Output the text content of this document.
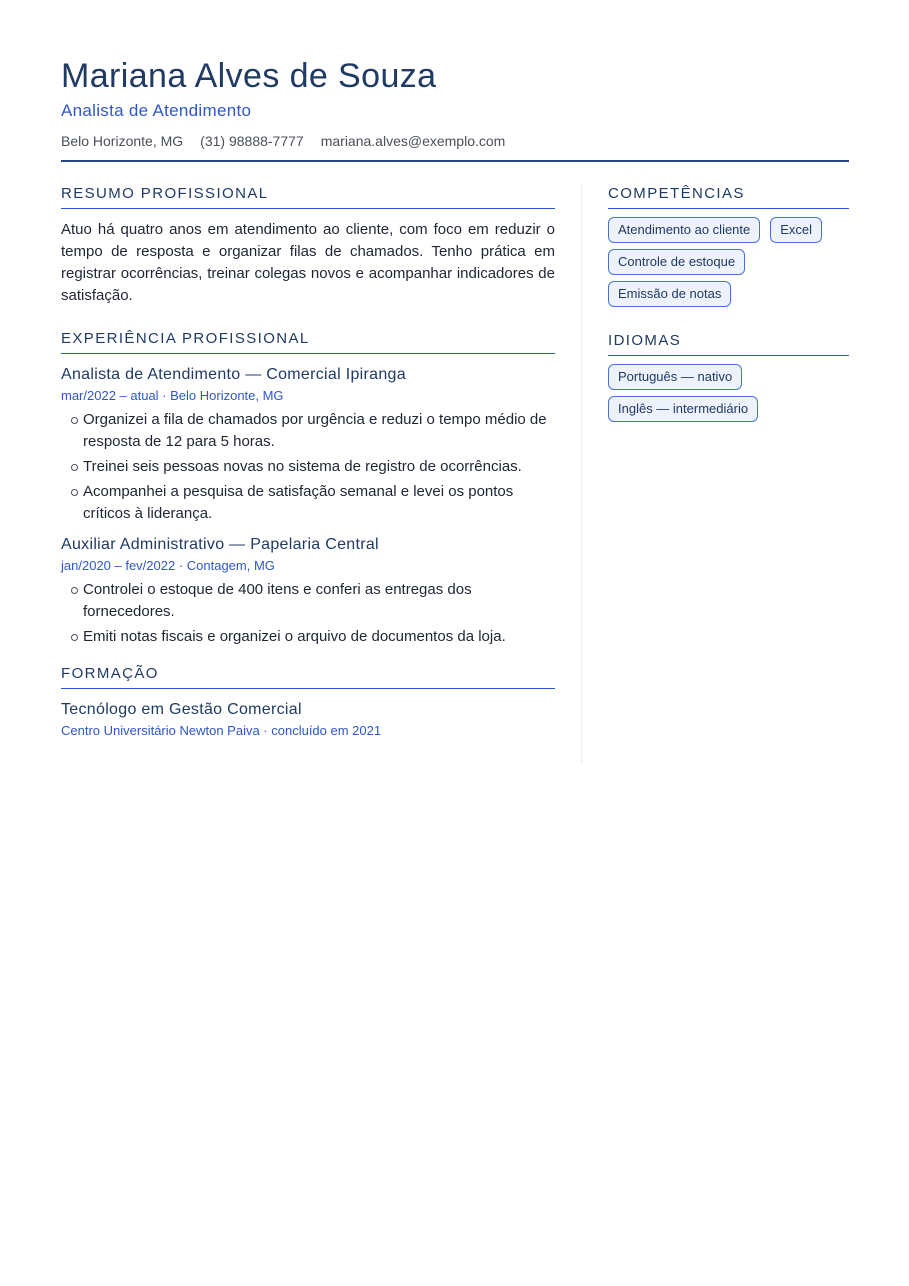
Mariana Alves de Souza
Analista de Atendimento
Belo Horizonte, MG (31) 98888-7777 mariana.alves@exemplo.com
RESUMO PROFISSIONAL

Atuo há quatro anos em atendimento ao cliente, com foco em reduzir o tempo de resposta e organizar filas de chamados. Tenho prática em registrar ocorrências, treinar colegas novos e acompanhar indicadores de satisfação.

EXPERIÊNCIA PROFISSIONAL
Analista de Atendimento — Comercial Ipiranga
mar/2022 – atual · Belo Horizonte, MG
Organizei a fila de chamados por urgência e reduzi o tempo médio de resposta de 12 para 5 horas.
Treinei seis pessoas novas no sistema de registro de ocorrências.
Acompanhei a pesquisa de satisfação semanal e levei os pontos críticos à liderança.
Auxiliar Administrativo — Papelaria Central
jan/2020 – fev/2022 · Contagem, MG
Controlei o estoque de 400 itens e conferi as entregas dos fornecedores.
Emiti notas fiscais e organizei o arquivo de documentos da loja.
FORMAÇÃO
Tecnólogo em Gestão Comercial
Centro Universitário Newton Paiva · concluído em 2021
COMPETÊNCIAS
Atendimento ao cliente	Excel
Controle de estoque
Emissão de notas
IDIOMAS
Português — nativo
Inglês — intermediário
